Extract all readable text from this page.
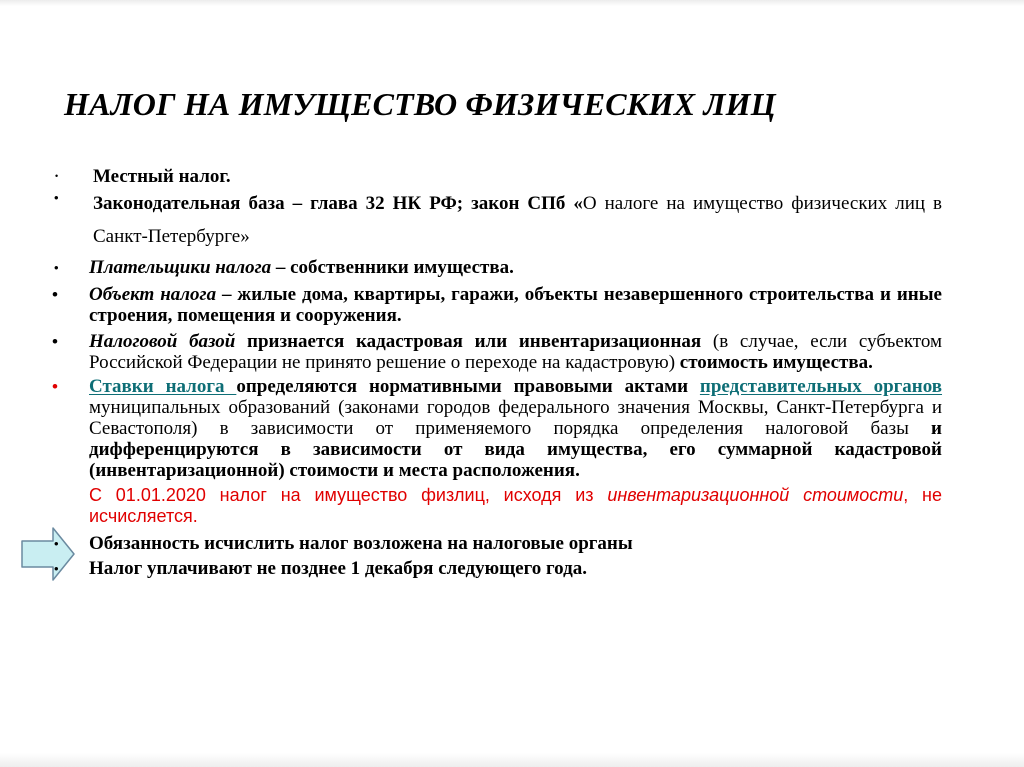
НАЛОГ НА ИМУЩЕСТВО ФИЗИЧЕСКИХ ЛИЦ
• Местный налог.
• Законодательная база – глава 32 НК РФ; закон СПб «О налоге на имущество физических лиц в Санкт-Петербурге»
• Плательщики налога – собственники имущества.
• Объект налога – жилые дома, квартиры, гаражи, объекты незавершенного строительства и иные строения, помещения и сооружения.
• Налоговой базой признается кадастровая или инвентаризационная (в случае, если субъектом Российской Федерации не принято решение о переходе на кадастровую) стоимость имущества.
• Ставки налога определяются нормативными правовыми актами представительных органов муниципальных образований (законами городов федерального значения Москвы, Санкт-Петербурга и Севастополя) в зависимости от применяемого порядка определения налоговой базы и дифференцируются в зависимости от вида имущества, его суммарной кадастровой (инвентаризационной) стоимости и места расположения.
С 01.01.2020 налог на имущество физлиц, исходя из инвентаризационной стоимости, не исчисляется.
• Обязанность исчислить налог возложена на налоговые органы
• Налог уплачивают не позднее 1 декабря следующего года.
